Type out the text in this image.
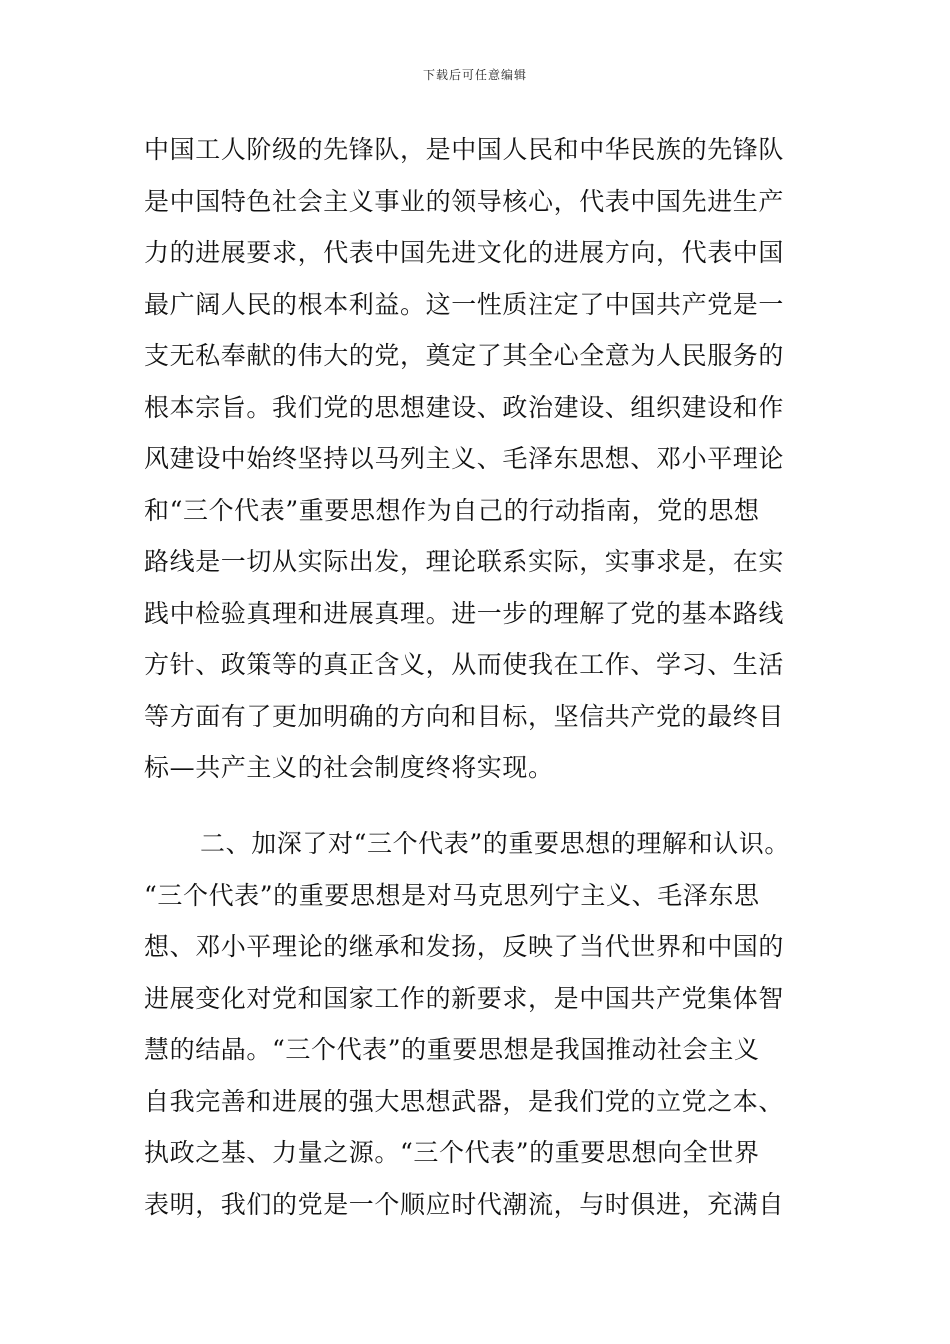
下载后可任意编辑
中国工人阶级的先锋队，是中国人民和中华民族的先锋队
是中国特色社会主义事业的领导核心，代表中国先进生产
力的进展要求，代表中国先进文化的进展方向，代表中国
最广阔人民的根本利益。这一性质注定了中国共产党是一
支无私奉献的伟大的党，奠定了其全心全意为人民服务的
根本宗旨。我们党的思想建设、政治建设、组织建设和作
风建设中始终坚持以马列主义、毛泽东思想、邓小平理论
和“三个代表”重要思想作为自己的行动指南，党的思想
路线是一切从实际出发，理论联系实际，实事求是，在实
践中检验真理和进展真理。进一步的理解了党的基本路线
方针、政策等的真正含义，从而使我在工作、学习、生活
等方面有了更加明确的方向和目标，坚信共产党的最终目
标—共产主义的社会制度终将实现。
二、加深了对“三个代表”的重要思想的理解和认识。
“三个代表”的重要思想是对马克思列宁主义、毛泽东思
想、邓小平理论的继承和发扬，反映了当代世界和中国的
进展变化对党和国家工作的新要求，是中国共产党集体智
慧的结晶。“三个代表”的重要思想是我国推动社会主义
自我完善和进展的强大思想武器，是我们党的立党之本、
执政之基、力量之源。“三个代表”的重要思想向全世界
表明，我们的党是一个顺应时代潮流，与时俱进，充满自
